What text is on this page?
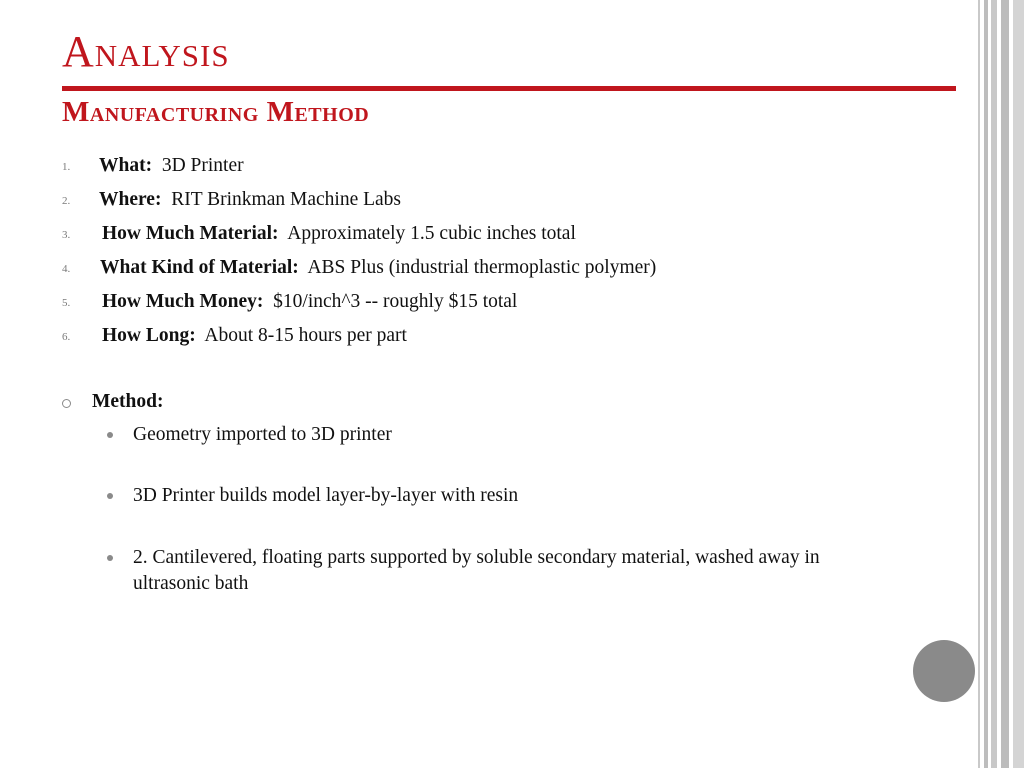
Analysis
Manufacturing Method
1. What: 3D Printer
2. Where: RIT Brinkman Machine Labs
3. How Much Material: Approximately 1.5 cubic inches total
4. What Kind of Material: ABS Plus (industrial thermoplastic polymer)
5. How Much Money: $10/inch^3 -- roughly $15 total
6. How Long: About 8-15 hours per part
Method:
Geometry imported to 3D printer
3D Printer builds model layer-by-layer with resin
2. Cantilevered, floating parts supported by soluble secondary material, washed away in ultrasonic bath
